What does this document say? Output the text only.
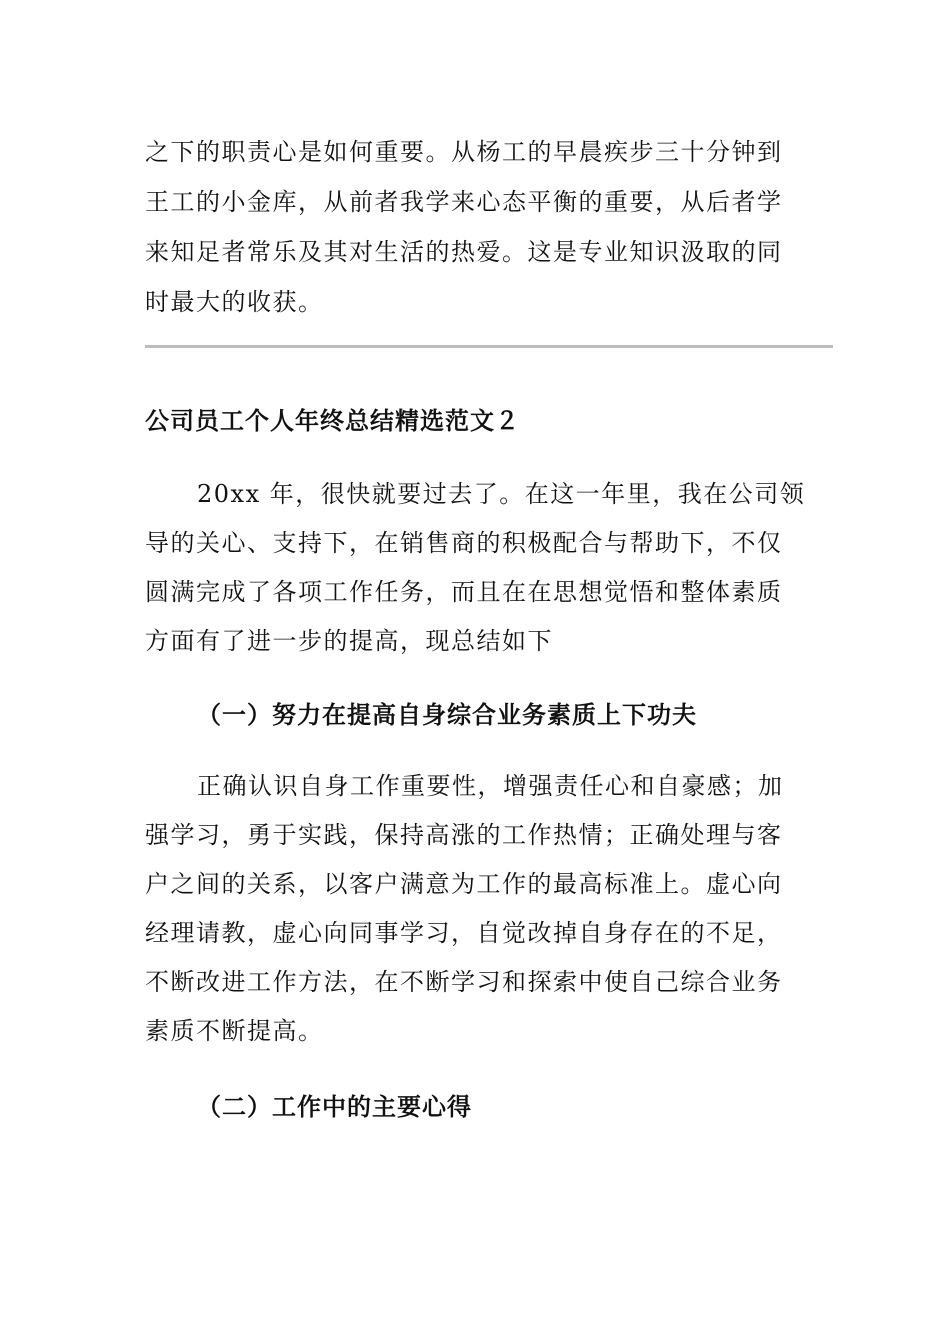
之下的职责心是如何重要。从杨工的早晨疾步三十分钟到
王工的小金库，从前者我学来心态平衡的重要，从后者学
来知足者常乐及其对生活的热爱。这是专业知识汲取的同
时最大的收获。
公司员工个人年终总结精选范文２
20xx 年，很快就要过去了。在这一年里，我在公司领
导的关心、支持下，在销售商的积极配合与帮助下，不仅
圆满完成了各项工作任务，而且在在思想觉悟和整体素质
方面有了进一步的提高，现总结如下
（一）努力在提高自身综合业务素质上下功夫
正确认识自身工作重要性，增强责任心和自豪感；加
强学习，勇于实践，保持高涨的工作热情；正确处理与客
户之间的关系，以客户满意为工作的最高标准上。虚心向
经理请教，虚心向同事学习，自觉改掉自身存在的不足，
不断改进工作方法，在不断学习和探索中使自己综合业务
素质不断提高。
（二）工作中的主要心得
